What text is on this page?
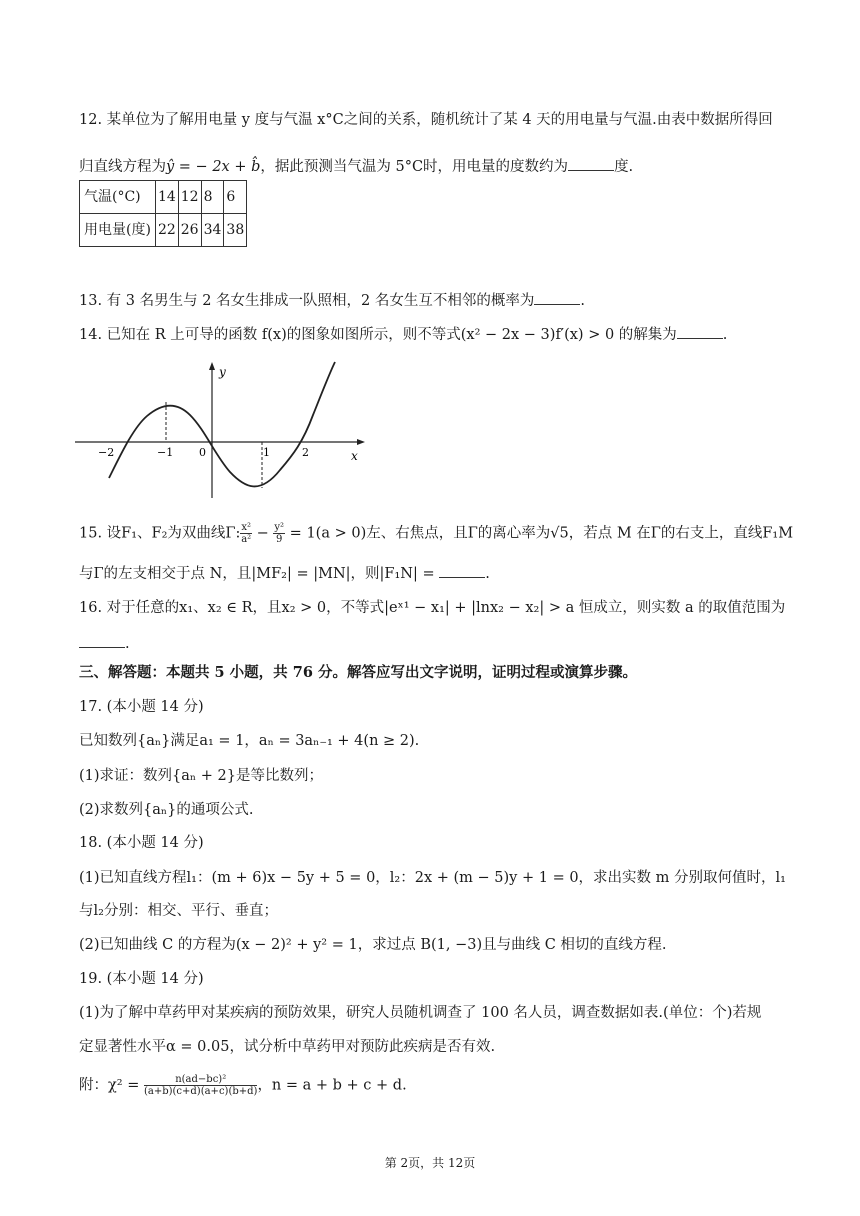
12. 某单位为了解用电量 y 度与气温 x°C之间的关系，随机统计了某 4 天的用电量与气温.由表中数据所得回
归直线方程为ŷ = − 2x + b̂，据此预测当气温为 5°C时，用电量的度数约为	度.
气温(°C)	14	12	8	6
用电量(度)	22	26	34	38
13. 有 3 名男生与 2 名女生排成一队照相，2 名女生互不相邻的概率为	.
14. 已知在 R 上可导的函数 f(x)的图象如图所示，则不等式(x² − 2x − 3)f′(x) > 0 的解集为	.
−2	−1 0	1	2	x
y
15. 设F₁、F₂为双曲线Γ: $\frac{\text{x²}}{\text{a²}} - \frac{\text{y²}}{9} = 1(a > 0)$左、右焦点，且Γ的离心率为√5，若点 M 在Γ的右支上，直线F₁M
与Γ的左支相交于点 N，且|MF₂| = |MN|，则|F₁N| =	.
16. 对于任意的x₁、x₂ ∈ R，且x₂ > 0，不等式|eˣ¹ − x₁| + |lnx₂ − x₂| > a 恒成立，则实数 a 的取值范围为
.
三、解答题：本题共 5 小题，共 76 分。解答应写出文字说明，证明过程或演算步骤。
17. (本小题 14 分)
已知数列{aₙ}满足a₁ = 1，aₙ = 3aₙ₋₁ + 4(n ≥ 2).
(1)求证：数列{aₙ + 2}是等比数列；
(2)求数列{aₙ}的通项公式.
18. (本小题 14 分)
(1)已知直线方程l₁：(m + 6)x − 5y + 5 = 0，l₂：2x + (m − 5)y + 1 = 0，求出实数 m 分别取何值时，l₁
与l₂分别：相交、平行、垂直；
(2)已知曲线 C 的方程为(x − 2)² + y² = 1，求过点 B(1, −3)且与曲线 C 相切的直线方程.
19. (本小题 14 分)
(1)为了解中草药甲对某疾病的预防效果，研究人员随机调查了 100 名人员，调查数据如表.(单位：个)若规
定显著性水平α = 0.05，试分析中草药甲对预防此疾病是否有效.
附：$\chi^2 = \frac{\text{n(ad−bc)²}}{(a+b)(c+d)(a+c)(b+d)}$ ，n = a + b + c + d.
第 2页，共 12页
